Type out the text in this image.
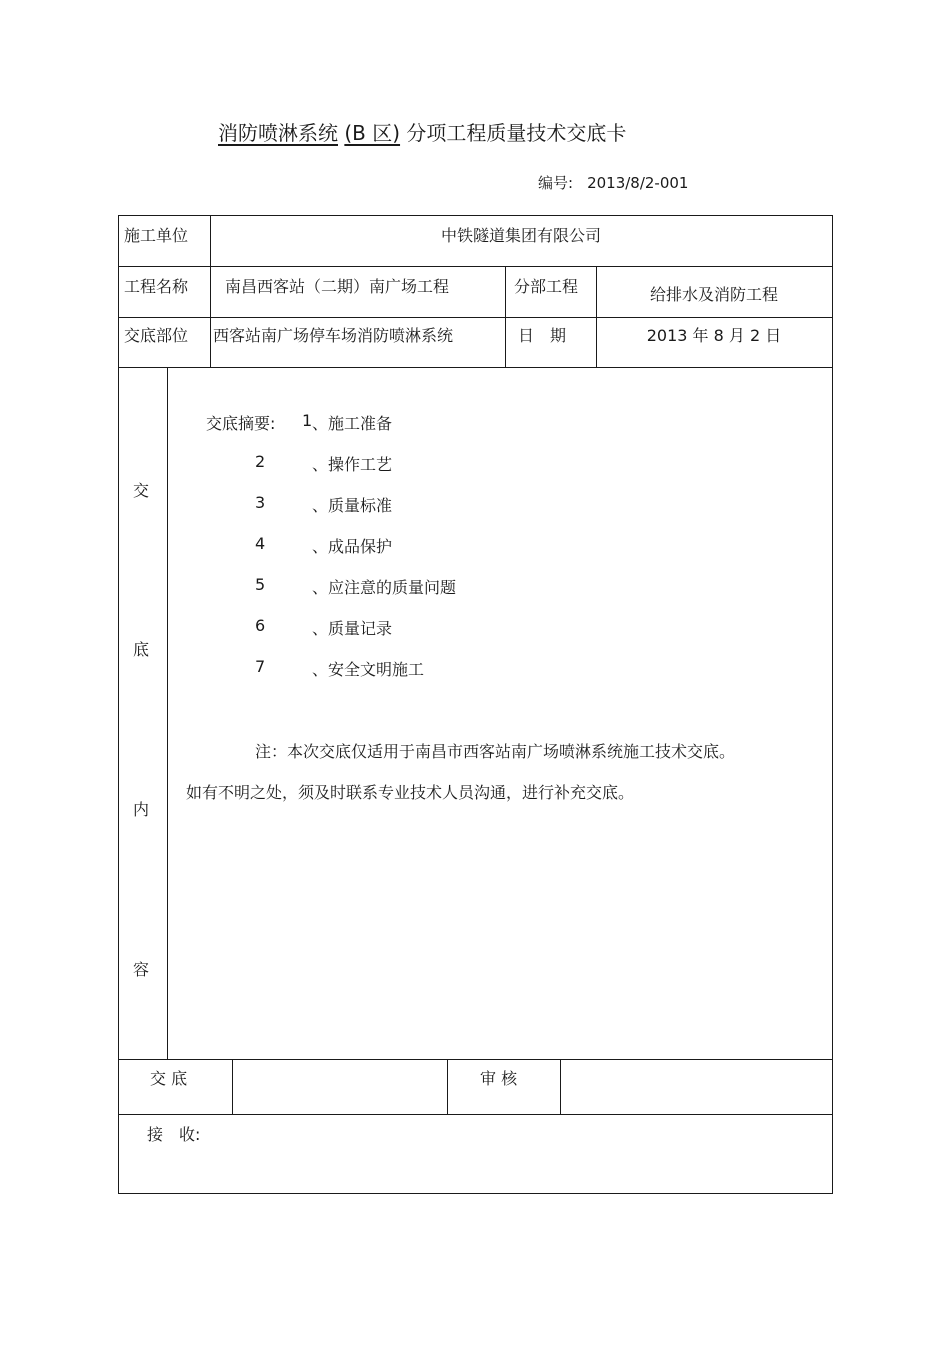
消防喷淋系统 (B 区) 分项工程质量技术交底卡
编号: 2013/8/2-001
施工单位	中铁隧道集团有限公司
工程名称 南昌西客站（二期）南广场工程	分部工程	给排水及消防工程
交底部位 西客站南广场停车场消防喷淋系统	日　期	2013 年 8 月 2 日
交
底
内
容
交底摘要: 1 、施工准备
2	、操作工艺
3	、质量标准
4	、成品保护
5	、应注意的质量问题
6	、质量记录
7	、安全文明施工
注：本次交底仅适用于南昌市西客站南广场喷淋系统施工技术交底。
如有不明之处，须及时联系专业技术人员沟通，进行补充交底。
交 底	审 核
接　收:
